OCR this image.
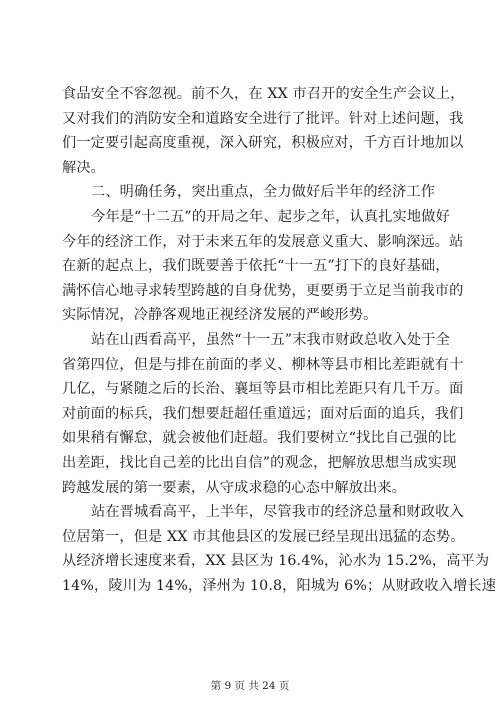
食品安全不容忽视。前不久，在 XX 市召开的安全生产会议上，
又对我们的消防安全和道路安全进行了批评。针对上述问题，我
们一定要引起高度重视，深入研究，积极应对，千方百计地加以
解决。
二、明确任务，突出重点，全力做好后半年的经济工作
今年是“十二五”的开局之年、起步之年，认真扎实地做好
今年的经济工作，对于未来五年的发展意义重大、影响深远。站
在新的起点上，我们既要善于依托“十一五”打下的良好基础，
满怀信心地寻求转型跨越的自身优势，更要勇于立足当前我市的
实际情况，冷静客观地正视经济发展的严峻形势。
站在山西看高平，虽然“十一五”末我市财政总收入处于全
省第四位，但是与排在前面的孝义、柳林等县市相比差距就有十
几亿，与紧随之后的长治、襄垣等县市相比差距只有几千万。面
对前面的标兵，我们想要赶超任重道远；面对后面的追兵，我们
如果稍有懈怠，就会被他们赶超。我们要树立“找比自己强的比
出差距，找比自己差的比出自信”的观念，把解放思想当成实现
跨越发展的第一要素，从守成求稳的心态中解放出来。
站在晋城看高平，上半年，尽管我市的经济总量和财政收入
位居第一，但是 XX 市其他县区的发展已经呈现出迅猛的态势。
从经济增长速度来看，XX 县区为 16.4%，沁水为 15.2%，高平为
14%，陵川为 14%，泽州为 10.8，阳城为 6%；从财政收入增长速
第 9 页 共 24 页
